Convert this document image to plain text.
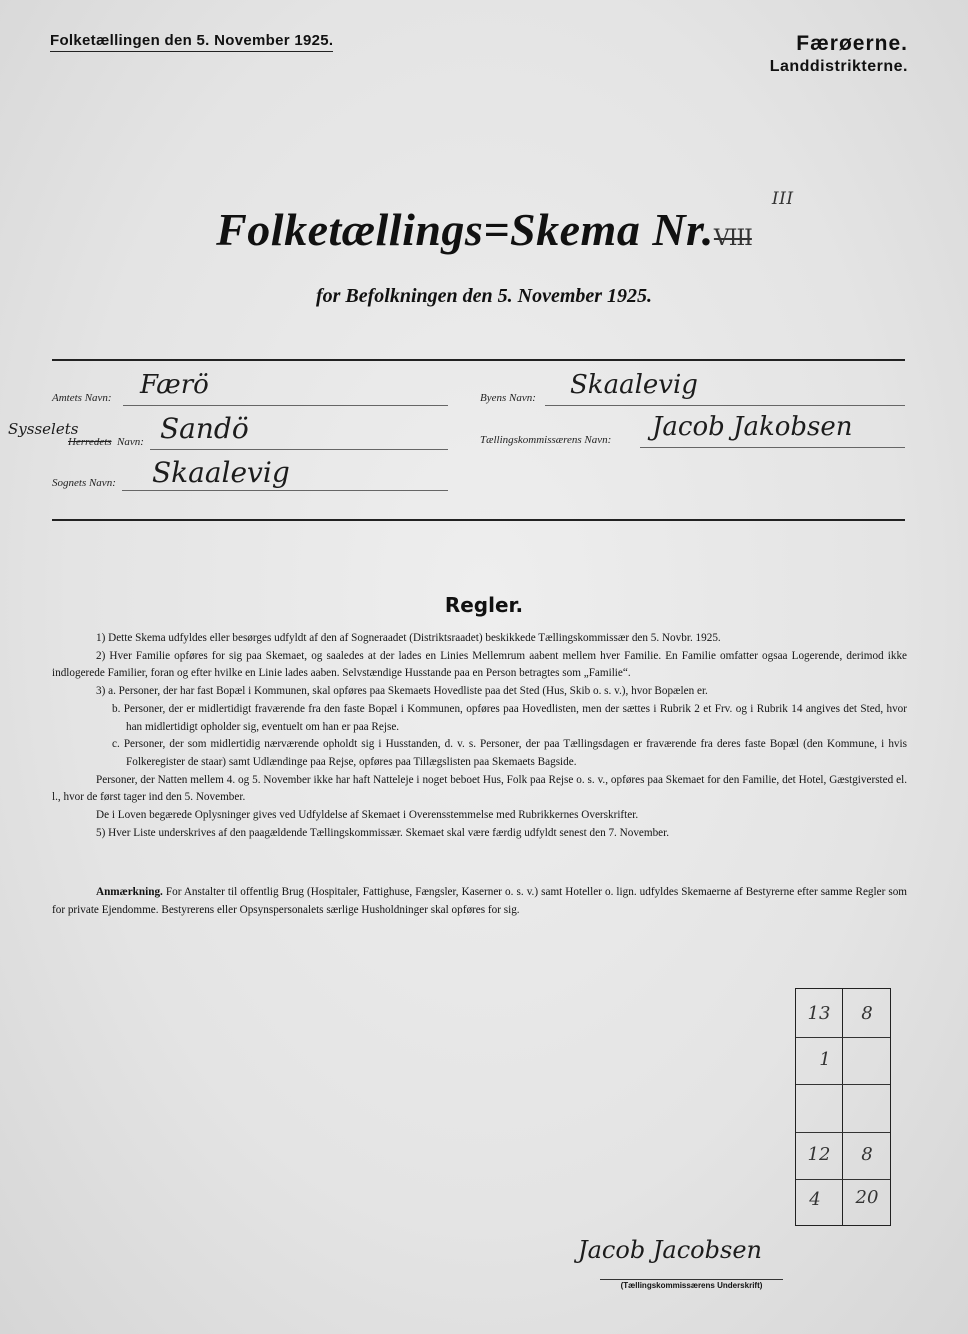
Folketællingen den 5. November 1925.	Færøerne.
Landdistrikterne.
Folketællings=Skema Nr.
III
VIII
for Befolkningen den 5. November 1925.
Amtets Navn: Færö
Sysselets
Herredets Navn: Sandö
Sognets Navn: Skaalevig
Byens Navn: Skaalevig
Tællingskommissærens Navn: Jacob Jakobsen
Regler.

1) Dette Skema udfyldes eller besørges udfyldt af den af Sogneraadet (Distriktsraadet) beskikkede Tællingskommissær den 5. Novbr. 1925.

2) Hver Familie opføres for sig paa Skemaet, og saaledes at der lades en Linies Mellemrum aabent mellem hver Familie. En Familie omfatter ogsaa Logerende, derimod ikke indlogerede Familier, foran og efter hvilke en Linie lades aaben. Selvstændige Husstande paa en Person betragtes som „Familie“.

3) a. Personer, der har fast Bopæl i Kommunen, skal opføres paa Skemaets Hovedliste paa det Sted (Hus, Skib o. s. v.), hvor Bopælen er.

b. Personer, der er midlertidigt fraværende fra den faste Bopæl i Kommunen, opføres paa Hovedlisten, men der sættes i Rubrik 2 et Frv. og i Rubrik 14 angives det Sted, hvor han midlertidigt opholder sig, eventuelt om han er paa Rejse.

c. Personer, der som midlertidig nærværende opholdt sig i Husstanden, d. v. s. Personer, der paa Tællingsdagen er fraværende fra deres faste Bopæl (den Kommune, i hvis Folkeregister de staar) samt Udlændinge paa Rejse, opføres paa Tillægslisten paa Skemaets Bagside.

Personer, der Natten mellem 4. og 5. November ikke har haft Natteleje i noget beboet Hus, Folk paa Rejse o. s. v., opføres paa Skemaet for den Familie, det Hotel, Gæstgiversted el. l., hvor de først tager ind den 5. November.

De i Loven begærede Oplysninger gives ved Udfyldelse af Skemaet i Overensstemmelse med Rubrikkernes Overskrifter.

5) Hver Liste underskrives af den paagældende Tællingskommissær. Skemaet skal være færdig udfyldt senest den 7. November.

Anmærkning. For Anstalter til offentlig Brug (Hospitaler, Fattighuse, Fængsler, Kaserner o. s. v.) samt Hoteller o. lign. udfyldes Skemaerne af Bestyrerne efter samme Regler som for private Ejendomme. Bestyrerens eller Opsynspersonalets særlige Husholdninger skal opføres for sig.
13	8
1
12	8
4	20
Jacob Jacobsen
(Tællingskommissærens Underskrift)
